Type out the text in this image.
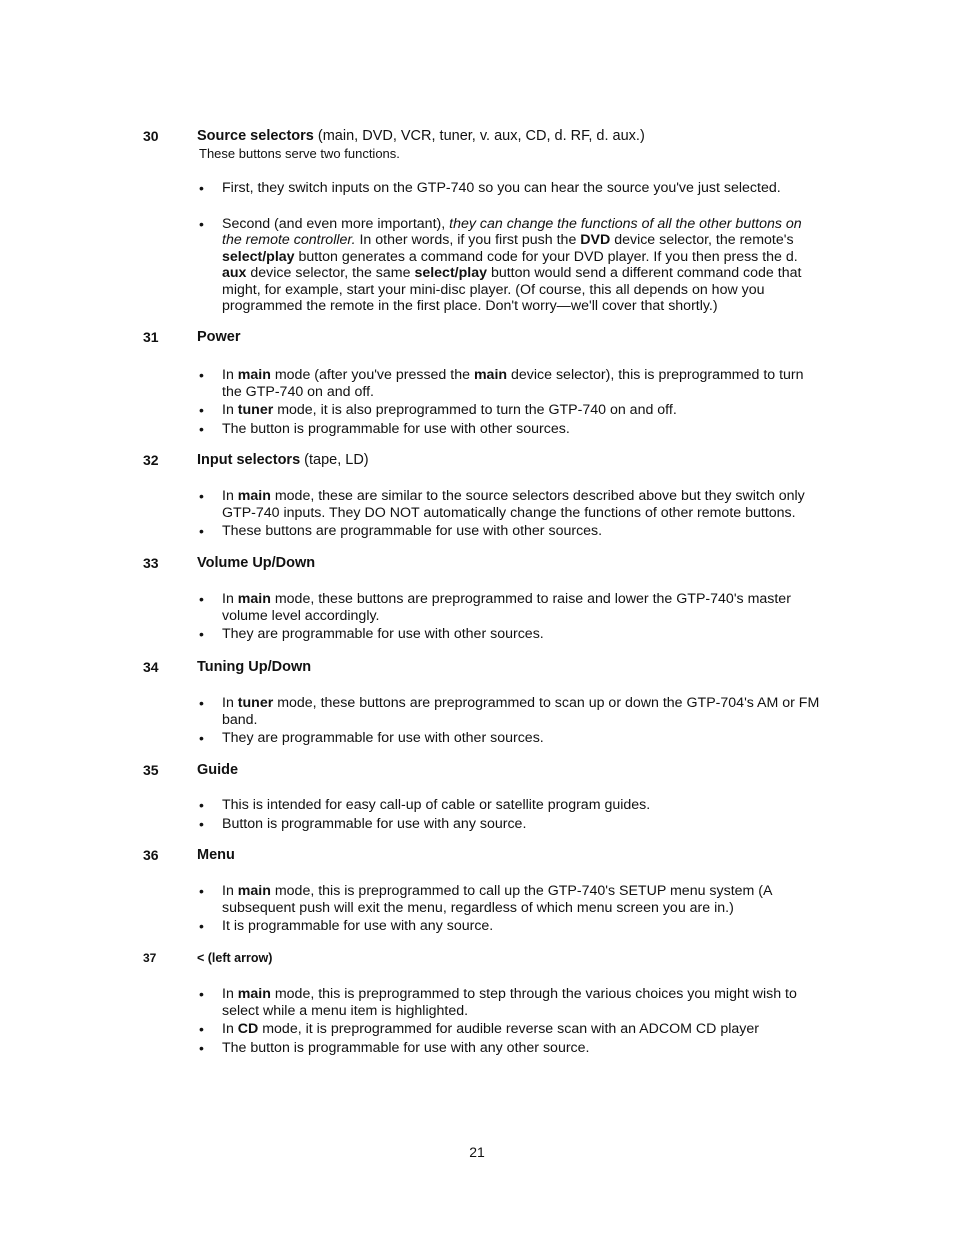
30	Source selectors (main, DVD, VCR, tuner, v. aux, CD, d. RF, d. aux.)
These buttons serve two functions.
• First, they switch inputs on the GTP-740 so you can hear the source you've just selected.
• Second (and even more important), they can change the functions of all the other buttons on the remote controller. In other words, if you first push the DVD device selector, the remote's select/play button generates a command code for your DVD player. If you then press the d. aux device selector, the same select/play button would send a different command code that might, for example, start your mini-disc player. (Of course, this all depends on how you programmed the remote in the first place. Don't worry—we'll cover that shortly.)
31	Power
• In main mode (after you've pressed the main device selector), this is preprogrammed to turn the GTP-740 on and off.
• In tuner mode, it is also preprogrammed to turn the GTP-740 on and off.
• The button is programmable for use with other sources.
32	Input selectors (tape, LD)
• In main mode, these are similar to the source selectors described above but they switch only GTP-740 inputs. They DO NOT automatically change the functions of other remote buttons.
• These buttons are programmable for use with other sources.
33	Volume Up/Down
• In main mode, these buttons are preprogrammed to raise and lower the GTP-740's master volume level accordingly.
• They are programmable for use with other sources.
34	Tuning Up/Down
• In tuner mode, these buttons are preprogrammed to scan up or down the GTP-704's AM or FM band.
• They are programmable for use with other sources.
35	Guide
• This is intended for easy call-up of cable or satellite program guides.
• Button is programmable for use with any source.
36	Menu
• In main mode, this is preprogrammed to call up the GTP-740's SETUP menu system (A subsequent push will exit the menu, regardless of which menu screen you are in.)
• It is programmable for use with any source.
37	< (left arrow)
• In main mode, this is preprogrammed to step through the various choices you might wish to select while a menu item is highlighted.
• In CD mode, it is preprogrammed for audible reverse scan with an ADCOM CD player
• The button is programmable for use with any other source.
21
